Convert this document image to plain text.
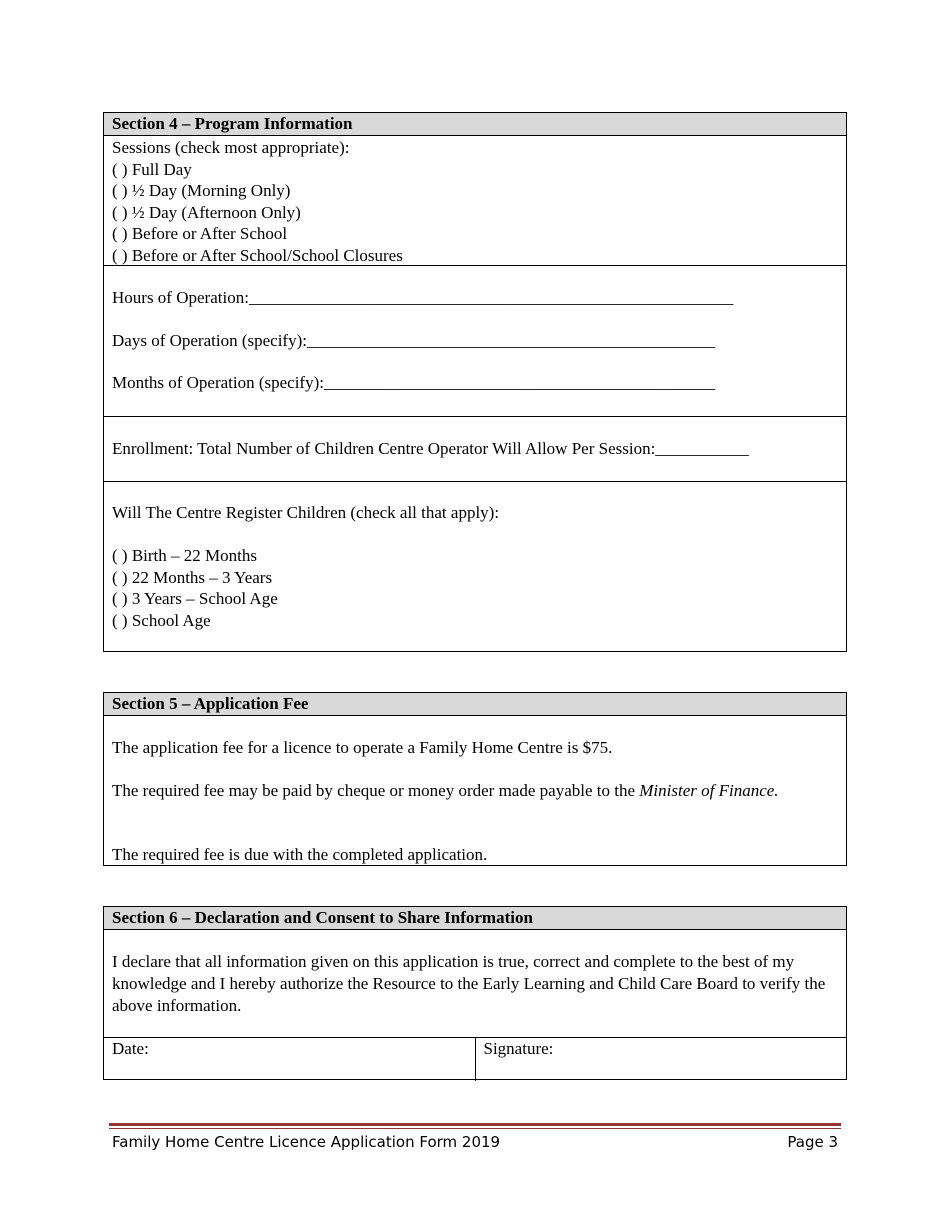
Section 4 – Program Information
Sessions (check most appropriate):
( ) Full Day
( ) ½ Day (Morning Only)
( ) ½ Day (Afternoon Only)
( ) Before or After School
( ) Before or After School/School Closures
Hours of Operation:_________________________________________________________
Days of Operation (specify):________________________________________________
Months of Operation (specify):______________________________________________
Enrollment: Total Number of Children Centre Operator Will Allow Per Session:___________
Will The Centre Register Children (check all that apply):
( ) Birth – 22 Months
( ) 22 Months – 3 Years
( ) 3 Years – School Age
( ) School Age
Section 5 – Application Fee
The application fee for a licence to operate a Family Home Centre is $75.
The required fee may be paid by cheque or money order made payable to the Minister of Finance.
The required fee is due with the completed application.
Section 6 – Declaration and Consent to Share Information
I declare that all information given on this application is true, correct and complete to the best of my knowledge and I hereby authorize the Resource to the Early Learning and Child Care Board to verify the above information.
Date:	Signature:
Family Home Centre Licence Application Form 2019	Page 3
